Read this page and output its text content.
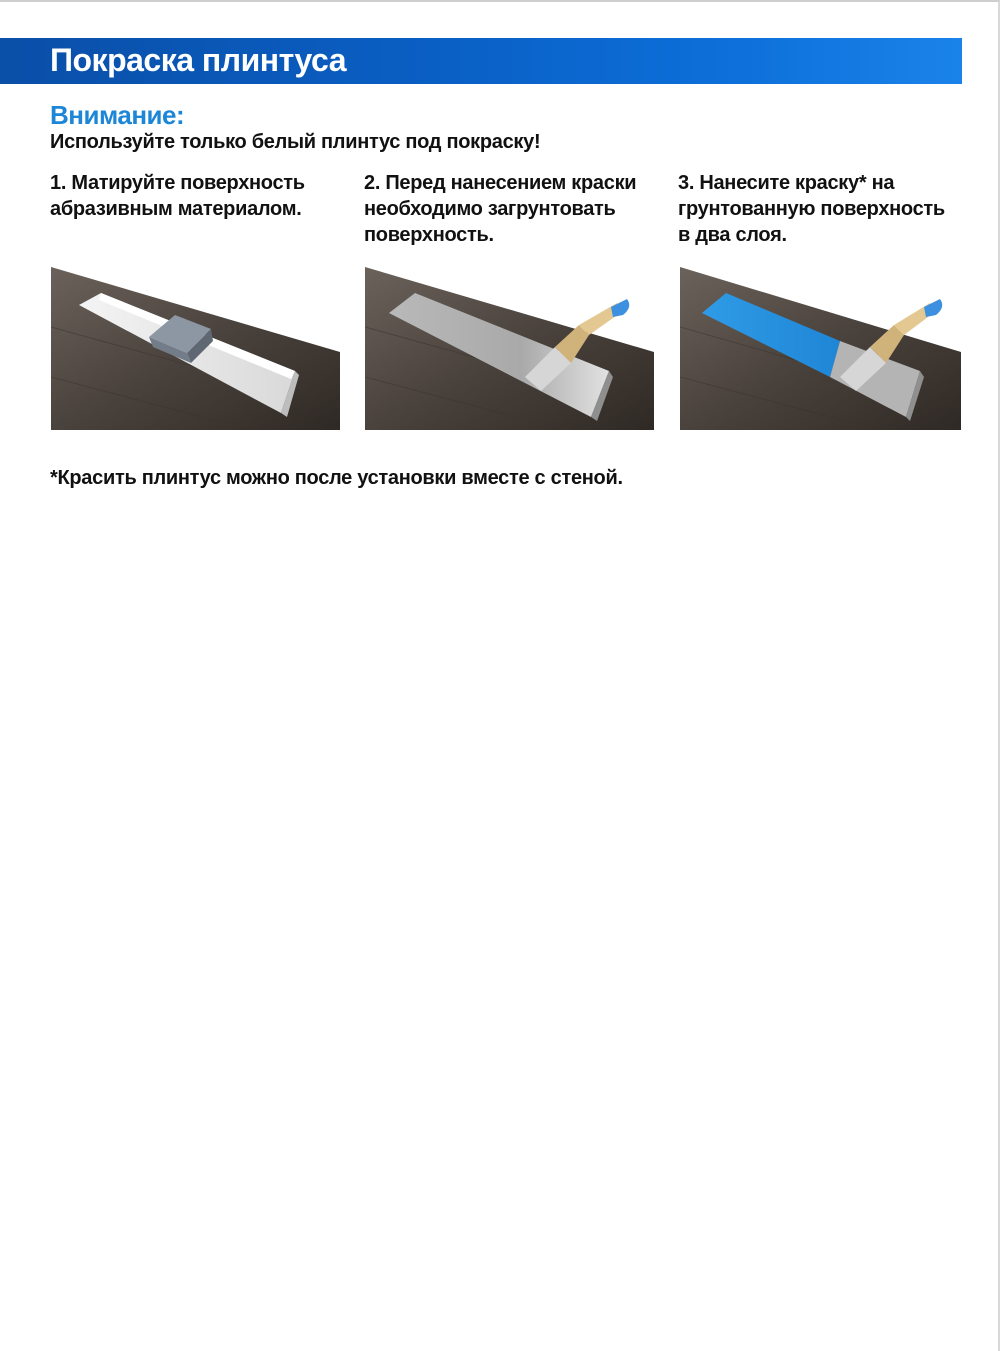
Покраска плинтуса
Внимание:
Используйте только белый плинтус под покраску!
1. Матируйте поверхность
абразивным материалом.
2. Перед нанесением краски
необходимо загрунтовать
поверхность.
3. Нанесите краску* на
грунтованную поверхность
в два слоя.
*Красить плинтус можно после установки вместе с стеной.
